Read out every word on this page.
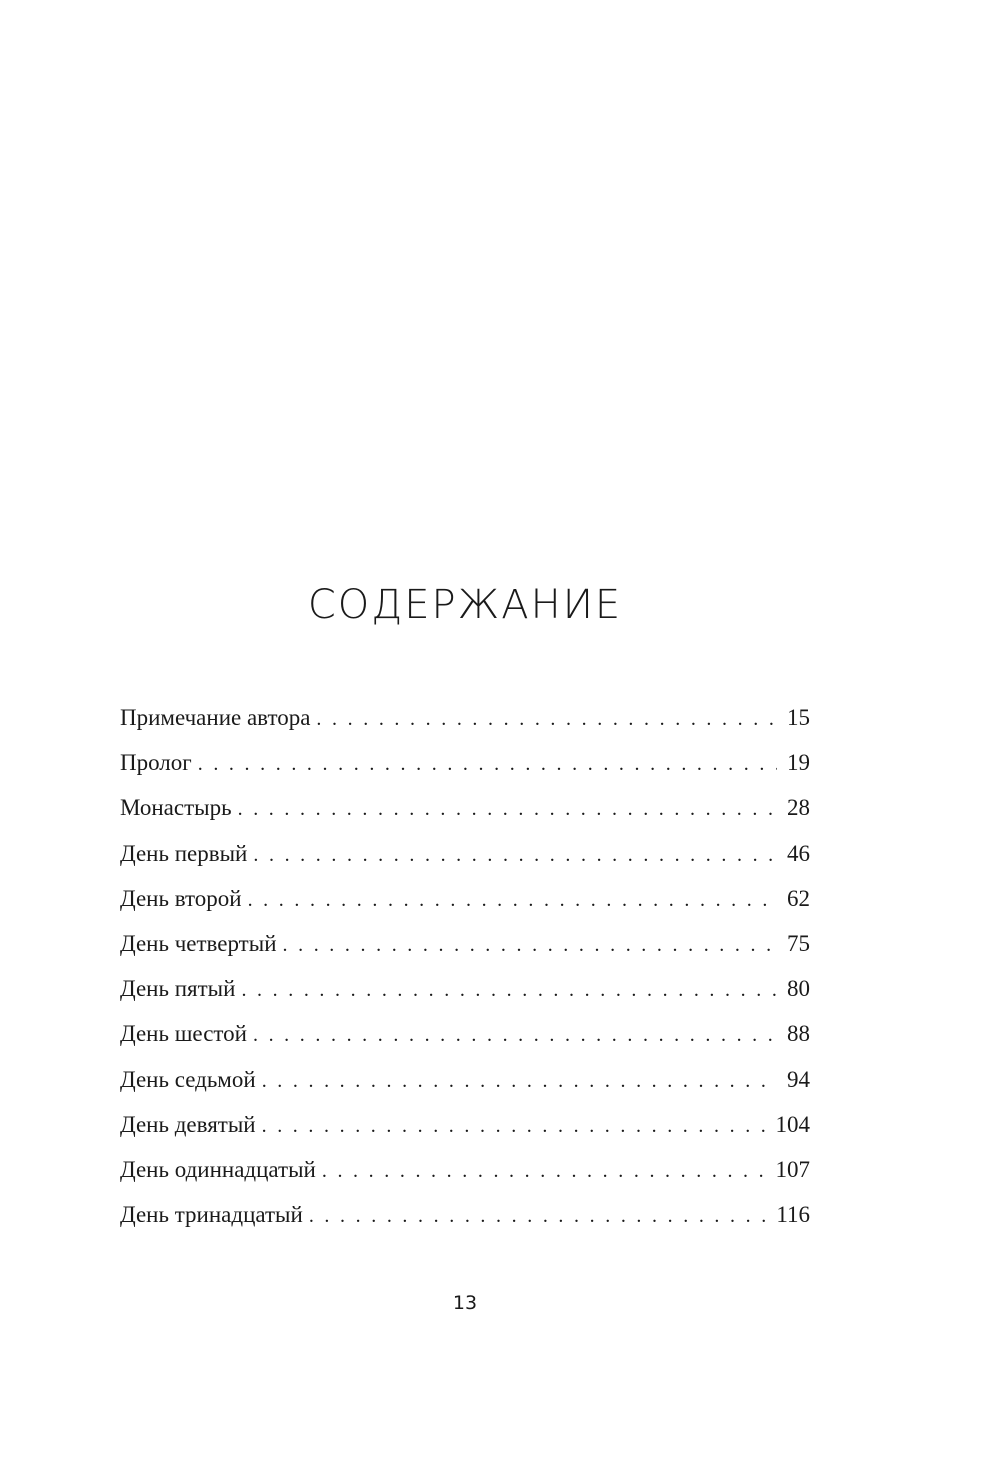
СОДЕРЖАНИЕ
Примечание автора . . .	15
Пролог . . .	19
Монастырь . . .	28
День первый . . .	46
День второй . . .	62
День четвертый . . .	75
День пятый . . .	80
День шестой . . .	88
День седьмой . . .	94
День девятый . . .	104
День одиннадцатый . . .	107
День тринадцатый . . .	116
13
